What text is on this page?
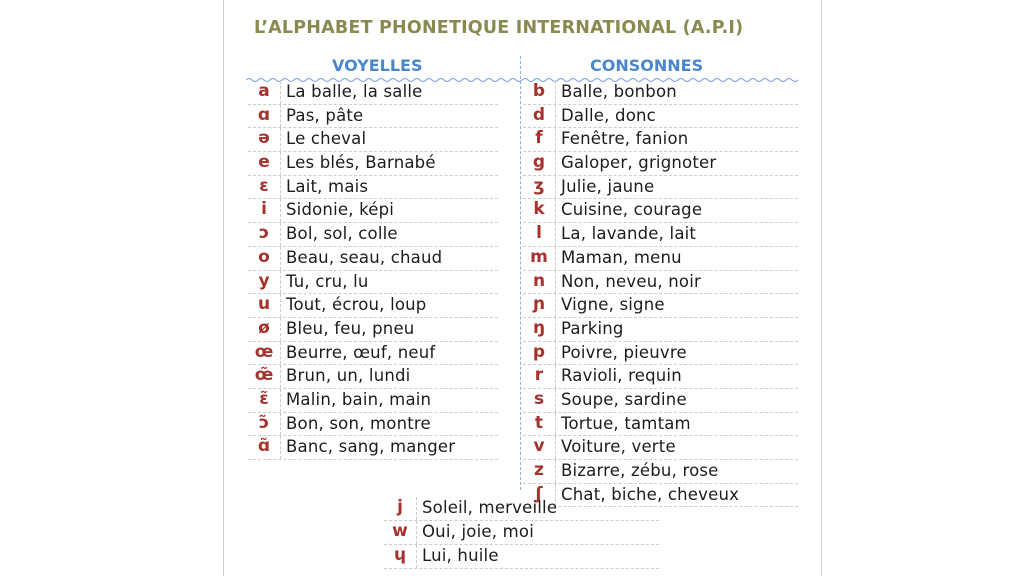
L’ALPHABET PHONETIQUE INTERNATIONAL (A.P.I)
VOYELLES	CONSONNES
a La balle, la salle
ɑ Pas, pâte
ə Le cheval
e Les blés, Barnabé
ɛ	Lait, mais
i	Sidonie, képi
ɔ	Bol, sol, colle
o Beau, seau, chaud
y Tu, cru, lu
u Tout, écrou, loup
ø Bleu, feu, pneu
œ Beurre, œuf, neuf
œ̃ Brun, un, lundi
ɛ̃	Malin, bain, main
ɔ̃	Bon, son, montre
ɑ̃ Banc, sang, manger
b Balle, bonbon
d Dalle, donc
f	Fenêtre, fanion
g Galoper, grignoter
ʒ	Julie, jaune
k Cuisine, courage
l	La, lavande, lait
m Maman, menu
n Non, neveu, noir
ɲ Vigne, signe
ŋ Parking
p Poivre, pieuvre
r	Ravioli, requin
s	Soupe, sardine
t	Tortue, tamtam
v Voiture, verte
z	Bizarre, zébu, rose
ʃ	Chat, biche, cheveux
j	Soleil, merveille
w Oui, joie, moi
ɥ Lui, huile
